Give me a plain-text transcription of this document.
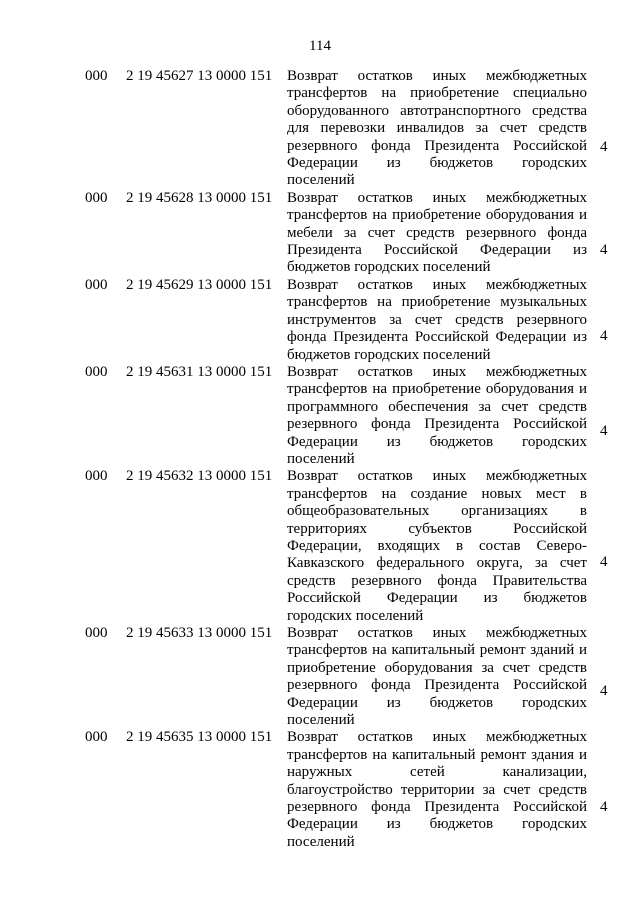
114
000 2 19 45627 13 0000 151 Возврат остатков иных межбюджетных
трансфертов на приобретение специально
оборудованного автотранспортного средства
для перевозки инвалидов за счет средств
резервного фонда Президента Российской
Федерации из бюджетов городских
поселений
4
000 2 19 45628 13 0000 151 Возврат остатков иных межбюджетных
трансфертов на приобретение оборудования и
мебели за счет средств резервного фонда
Президента Российской Федерации из
бюджетов городских поселений
4
000 2 19 45629 13 0000 151 Возврат остатков иных межбюджетных
трансфертов на приобретение музыкальных
инструментов за счет средств резервного
фонда Президента Российской Федерации из
бюджетов городских поселений
4
000 2 19 45631 13 0000 151 Возврат остатков иных межбюджетных
трансфертов на приобретение оборудования и
программного обеспечения за счет средств
резервного фонда Президента Российской
Федерации из бюджетов городских
поселений
4
000 2 19 45632 13 0000 151 Возврат остатков иных межбюджетных
трансфертов на создание новых мест в
общеобразовательных организациях в
территориях субъектов Российской
Федерации, входящих в состав Северо-
Кавказского федерального округа, за счет
средств резервного фонда Правительства
Российской Федерации из бюджетов
городских поселений
4
000 2 19 45633 13 0000 151 Возврат остатков иных межбюджетных
трансфертов на капитальный ремонт зданий и
приобретение оборудования за счет средств
резервного фонда Президента Российской
Федерации из бюджетов городских
поселений
4
000 2 19 45635 13 0000 151 Возврат остатков иных межбюджетных
трансфертов на капитальный ремонт здания и
наружных сетей канализации,
благоустройство территории за счет средств
резервного фонда Президента Российской
Федерации из бюджетов городских
поселений
4
